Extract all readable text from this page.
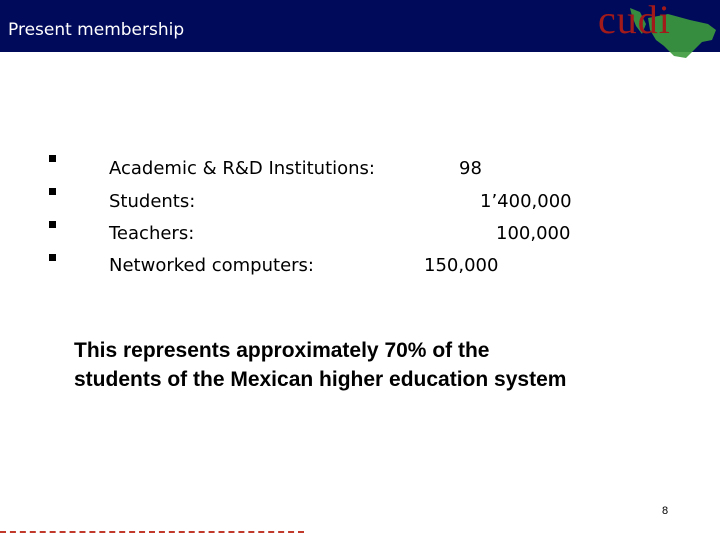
Present membership	cudi
Academic & R&D Institutions:
Students:
Teachers:
Networked computers:
98
1’400,000
100,000
150,000
This represents approximately 70% of the
students of the Mexican higher education system
8
